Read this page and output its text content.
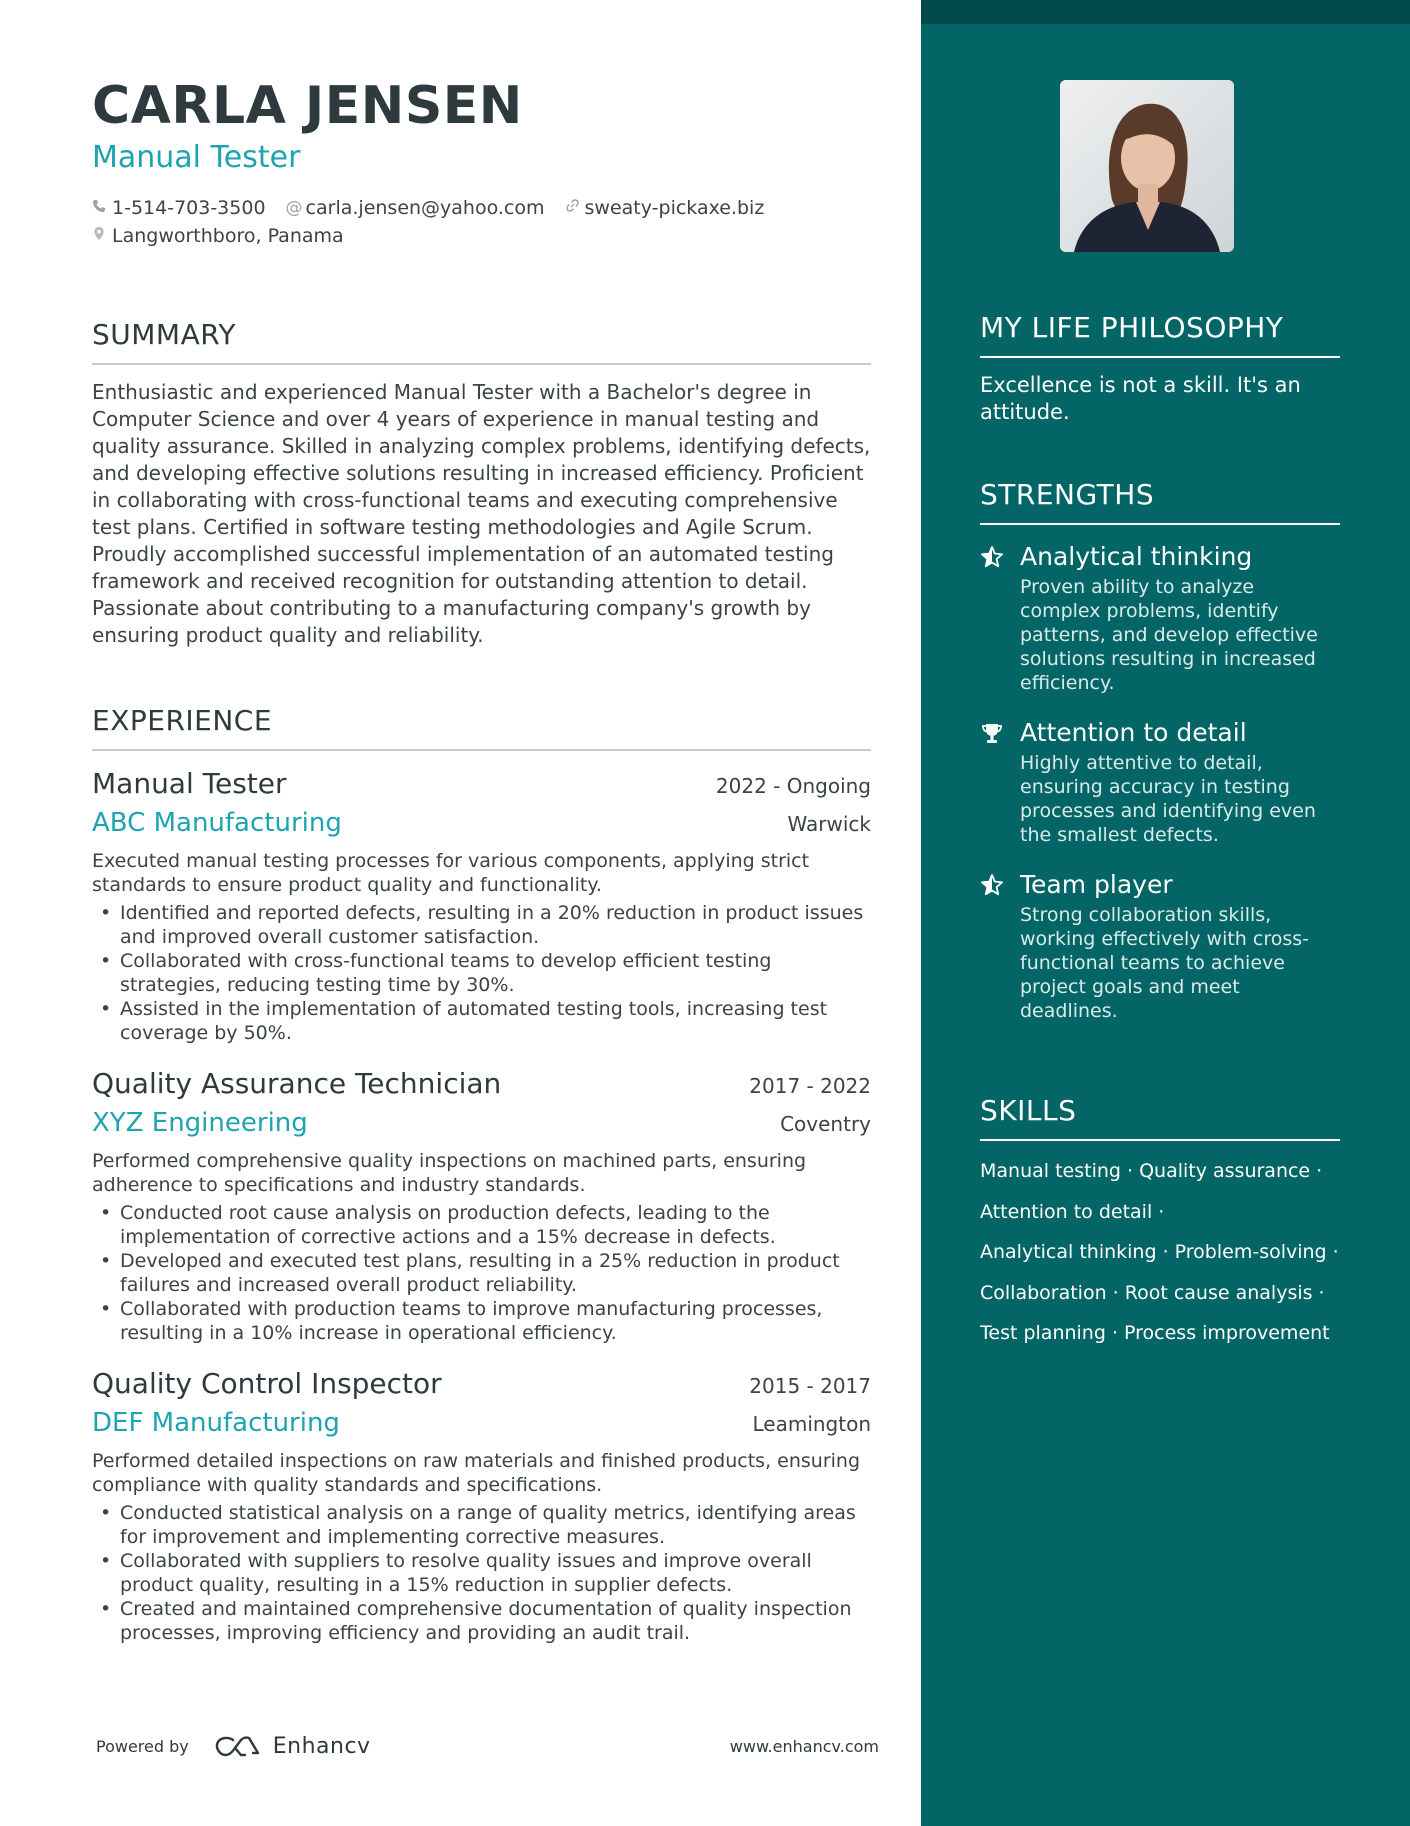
CARLA JENSEN
Manual Tester
1-514-703-3500 @ carla.jensen@yahoo.com sweaty-pickaxe.biz
Langworthboro, Panama
SUMMARY
Enthusiastic and experienced Manual Tester with a Bachelor's degree in Computer Science and over 4 years of experience in manual testing and quality assurance. Skilled in analyzing complex problems, identifying defects, and developing effective solutions resulting in increased efficiency. Proficient in collaborating with cross-functional teams and executing comprehensive test plans. Certified in software testing methodologies and Agile Scrum. Proudly accomplished successful implementation of an automated testing framework and received recognition for outstanding attention to detail. Passionate about contributing to a manufacturing company's growth by ensuring product quality and reliability.
EXPERIENCE
Manual Tester	2022 - Ongoing
ABC Manufacturing	Warwick
Executed manual testing processes for various components, applying strict standards to ensure product quality and functionality.
• Identified and reported defects, resulting in a 20% reduction in product issues and improved overall customer satisfaction.
• Collaborated with cross-functional teams to develop efficient testing strategies, reducing testing time by 30%.
• Assisted in the implementation of automated testing tools, increasing test coverage by 50%.
Quality Assurance Technician	2017 - 2022
XYZ Engineering	Coventry
Performed comprehensive quality inspections on machined parts, ensuring adherence to specifications and industry standards.
• Conducted root cause analysis on production defects, leading to the implementation of corrective actions and a 15% decrease in defects.
• Developed and executed test plans, resulting in a 25% reduction in product failures and increased overall product reliability.
• Collaborated with production teams to improve manufacturing processes, resulting in a 10% increase in operational efficiency.
Quality Control Inspector	2015 - 2017
DEF Manufacturing	Leamington
Performed detailed inspections on raw materials and finished products, ensuring compliance with quality standards and specifications.
• Conducted statistical analysis on a range of quality metrics, identifying areas for improvement and implementing corrective measures.
• Collaborated with suppliers to resolve quality issues and improve overall product quality, resulting in a 15% reduction in supplier defects.
• Created and maintained comprehensive documentation of quality inspection processes, improving efficiency and providing an audit trail.
Powered by	Enhancv	www.enhancv.com
MY LIFE PHILOSOPHY
Excellence is not a skill. It's an attitude.
STRENGTHS
Analytical thinking
Proven ability to analyze complex problems, identify patterns, and develop effective solutions resulting in increased efficiency.
Attention to detail
Highly attentive to detail, ensuring accuracy in testing processes and identifying even the smallest defects.
Team player
Strong collaboration skills, working effectively with cross-functional teams to achieve project goals and meet deadlines.
SKILLS
Manual testing · Quality assurance ·
Attention to detail ·
Analytical thinking · Problem-solving ·
Collaboration · Root cause analysis ·
Test planning · Process improvement
